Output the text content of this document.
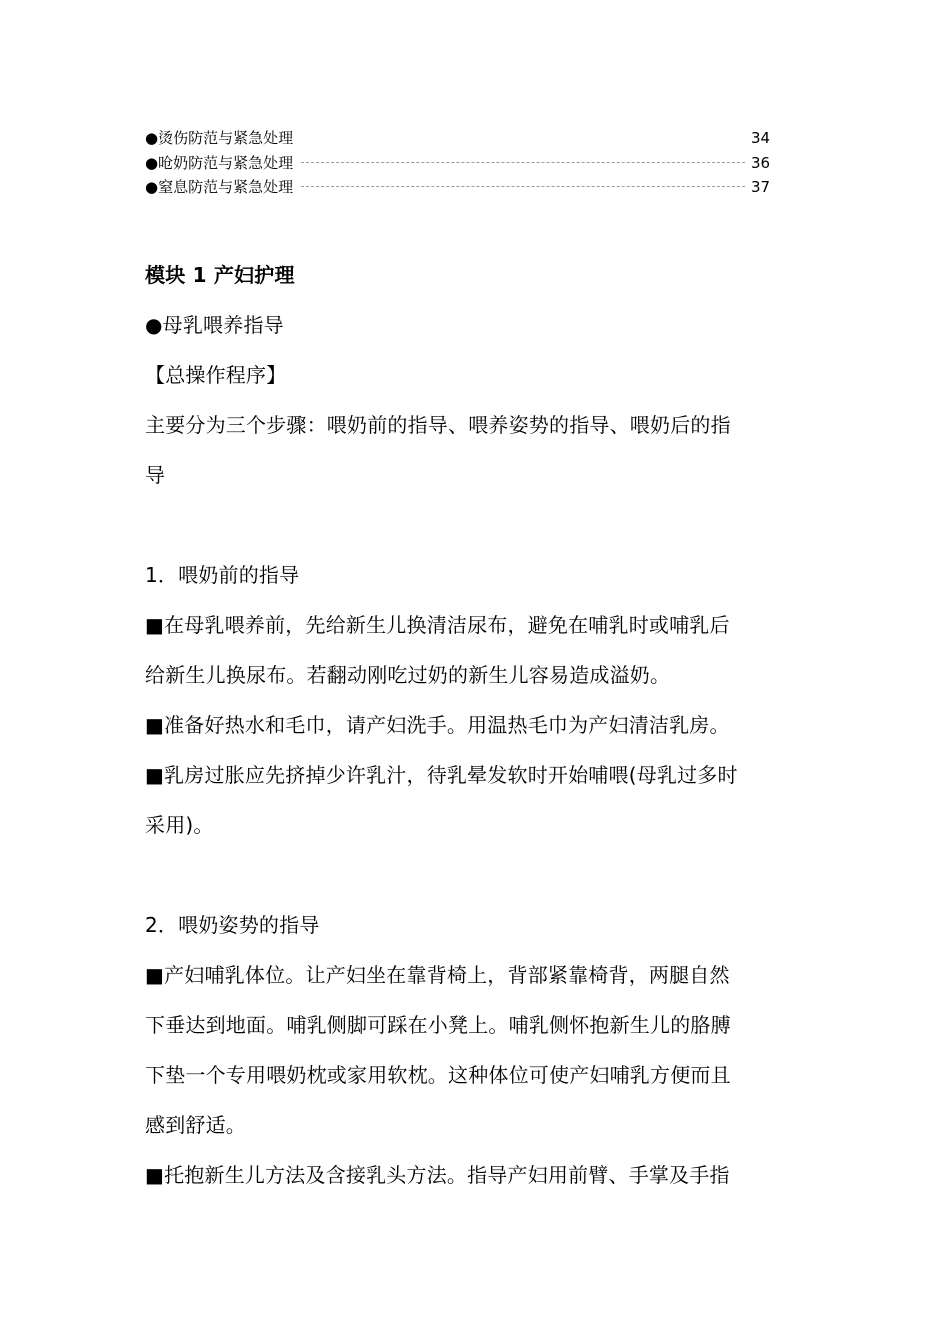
●烫伤防范与紧急处理	34
●呛奶防范与紧急处理	36
●窒息防范与紧急处理	37
模块 1 产妇护理
●母乳喂养指导
【总操作程序】
主要分为三个步骤：喂奶前的指导、喂养姿势的指导、喂奶后的指
导
1．喂奶前的指导
■在母乳喂养前，先给新生儿换清洁尿布，避免在哺乳时或哺乳后
给新生儿换尿布。若翻动刚吃过奶的新生儿容易造成溢奶。
■准备好热水和毛巾，请产妇洗手。用温热毛巾为产妇清洁乳房。
■乳房过胀应先挤掉少许乳汁，待乳晕发软时开始哺喂(母乳过多时
采用)。
2．喂奶姿势的指导
■产妇哺乳体位。让产妇坐在靠背椅上，背部紧靠椅背，两腿自然
下垂达到地面。哺乳侧脚可踩在小凳上。哺乳侧怀抱新生儿的胳膊
下垫一个专用喂奶枕或家用软枕。这种体位可使产妇哺乳方便而且
感到舒适。
■托抱新生儿方法及含接乳头方法。指导产妇用前臂、手掌及手指
